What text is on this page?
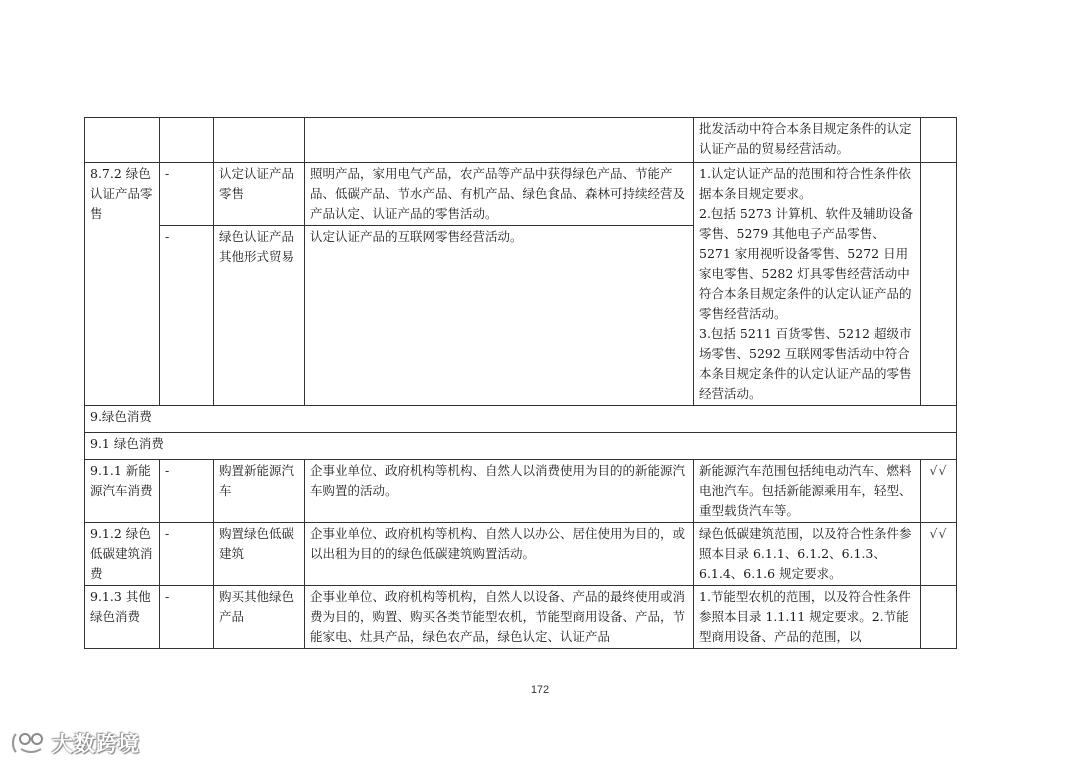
				批发活动中符合本条目规定条件的认定认证产品的贸易经营活动。	
8.7.2 绿色认证产品零售	-	认定认证产品零售	照明产品，家用电气产品，农产品等产品中获得绿色产品、节能产品、低碳产品、节水产品、有机产品、绿色食品、森林可持续经营及产品认定、认证产品的零售活动。	1.认定认证产品的范围和符合性条件依据本条目规定要求。
2.包括 5273 计算机、软件及辅助设备零售、5279 其他电子产品零售、5271 家用视听设备零售、5272 日用家电零售、5282 灯具零售经营活动中符合本条目规定条件的认定认证产品的零售经营活动。
3.包括 5211 百货零售、5212 超级市场零售、5292 互联网零售活动中符合本条目规定条件的认定认证产品的零售经营活动。	

	-	绿色认证产品其他形式贸易	认定认证产品的互联网零售经营活动。		
9.绿色消费					
9.1 绿色消费					
9.1.1 新能源汽车消费	-	购置新能源汽车	企事业单位、政府机构等机构、自然人以消费使用为目的的新能源汽车购置的活动。	新能源汽车范围包括纯电动汽车、燃料电池汽车。包括新能源乘用车，轻型、重型载货汽车等。	√√
9.1.2 绿色低碳建筑消费	-	购置绿色低碳建筑	企事业单位、政府机构等机构、自然人以办公、居住使用为目的，或以出租为目的的绿色低碳建筑购置活动。	绿色低碳建筑范围，以及符合性条件参照本目录 6.1.1、6.1.2、6.1.3、6.1.4、6.1.6 规定要求。	√√
9.1.3 其他绿色消费	-	购买其他绿色产品	企事业单位、政府机构等机构，自然人以设备、产品的最终使用或消费为目的，购置、购买各类节能型农机，节能型商用设备、产品，节能家电、灶具产品，绿色农产品，绿色认定、认证产品	1.节能型农机的范围，以及符合性条件参照本目录 1.1.11 规定要求。2.节能型商用设备、产品的范围，以	
172
大数跨境
